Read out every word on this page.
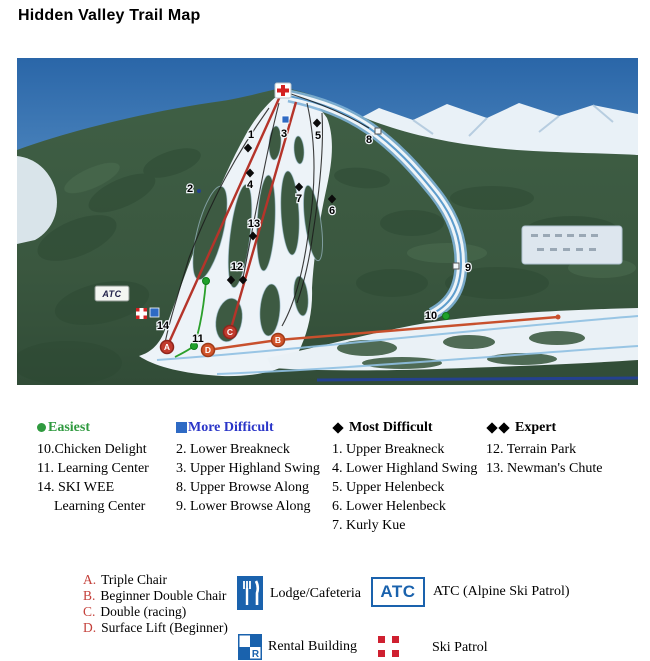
Hidden Valley Trail Map
A
B
C
D
ATC
1
2
3
4
5
6
7
8
9
10
11
12
13
14
Easiest
10.Chicken Delight
11. Learning Center
14. SKI WEE
Learning Center
More Difficult
2. Lower Breakneck
3. Upper Highland Swing
8. Upper Browse Along
9. Lower Browse Along
Most Difficult
1. Upper Breakneck
4. Lower Highland Swing
5. Upper Helenbeck
6. Lower Helenbeck
7. Kurly Kue
Expert
12. Terrain Park
13. Newman's Chute
A. Triple Chair
B. Beginner Double Chair
C. Double (racing)
D. Surface Lift (Beginner)
Lodge/Cafeteria ATC ATC (Alpine Ski Patrol)
R
Rental Building	Ski Patrol
